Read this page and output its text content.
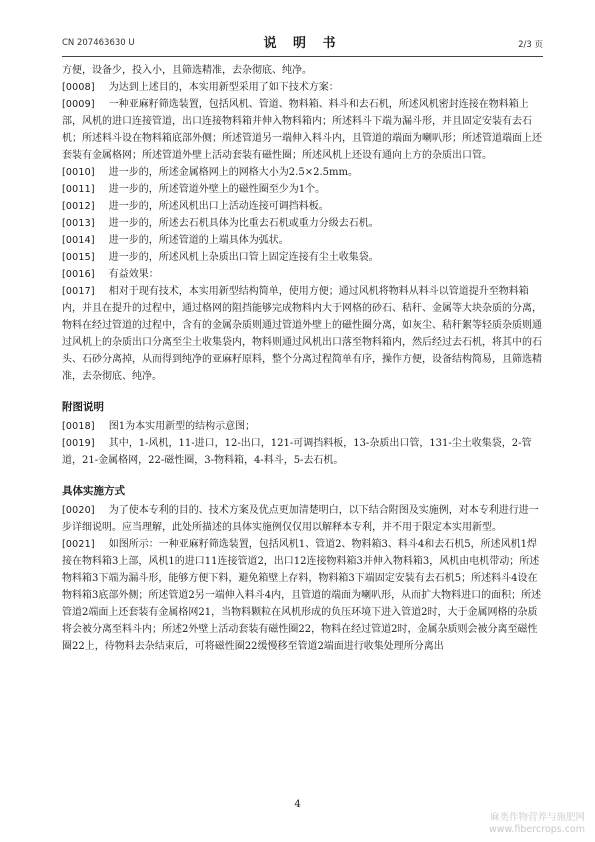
CN 207463630 U	说 明 书	2/3 页

方便，设备少，投入小，且筛选精准，去杂彻底、纯净。

[0008] 为达到上述目的，本实用新型采用了如下技术方案：

[0009] 一种亚麻籽筛选装置，包括风机、管道、物料箱、料斗和去石机，所述风机密封连接在物料箱上部，风机的进口连接管道，出口连接物料箱并伸入物料箱内；所述料斗下端为漏斗形，并且固定安装有去石机；所述料斗设在物料箱底部外侧；所述管道另一端伸入料斗内，且管道的端面为喇叭形；所述管道端面上还套装有金属格网；所述管道外壁上活动套装有磁性圈；所述风机上还设有通向上方的杂质出口管。

[0010] 进一步的，所述金属格网上的网格大小为2.5×2.5mm。

[0011] 进一步的，所述管道外壁上的磁性圈至少为1个。

[0012] 进一步的，所述风机出口上活动连接可调挡料板。

[0013] 进一步的，所述去石机具体为比重去石机或重力分级去石机。

[0014] 进一步的，所述管道的上端具体为弧状。

[0015] 进一步的，所述风机上杂质出口管上固定连接有尘土收集袋。

[0016] 有益效果：

[0017] 相对于现有技术，本实用新型结构简单，使用方便；通过风机将物料从料斗以管道提升至物料箱内，并且在提升的过程中，通过格网的阻挡能够完成物料内大于网格的砂石、秸秆、金属等大块杂质的分离，物料在经过管道的过程中，含有的金属杂质则通过管道外壁上的磁性圈分离，如灰尘、秸秆絮等轻质杂质则通过风机上的杂质出口分离至尘土收集袋内，物料则通过风机出口落至物料箱内，然后经过去石机，将其中的石头、石砂分离掉，从而得到纯净的亚麻籽原料，整个分离过程简单有序，操作方便，设备结构简易，且筛选精准，去杂彻底、纯净。

附图说明

[0018] 图1为本实用新型的结构示意图；

[0019] 其中，1-风机，11-进口，12-出口，121-可调挡料板，13-杂质出口管，131-尘土收集袋，2-管道，21-金属格网，22-磁性圈，3-物料箱，4-料斗，5-去石机。

具体实施方式

[0020] 为了使本专利的目的、技术方案及优点更加清楚明白，以下结合附图及实施例，对本专利进行进一步详细说明。应当理解，此处所描述的具体实施例仅仅用以解释本专利，并不用于限定本实用新型。

[0021] 如图所示：一种亚麻籽筛选装置，包括风机1、管道2、物料箱3、料斗4和去石机5，所述风机1焊接在物料箱3上部，风机1的进口11连接管道2，出口12连接物料箱3并伸入物料箱3，风机由电机带动；所述物料箱3下端为漏斗形，能够方便下料，避免箱壁上存料，物料箱3下端固定安装有去石机5；所述料斗4设在物料箱3底部外侧；所述管道2另一端伸入料斗4内，且管道的端面为喇叭形，从而扩大物料进口的面积；所述管道2端面上还套装有金属格网21，当物料颗粒在风机形成的负压环境下进入管道2时，大于金属网格的杂质将会被分离至料斗内；所述2外壁上活动套装有磁性圈22，物料在经过管道2时，金属杂质则会被分离至磁性圈22上，待物料去杂结束后，可将磁性圈22缓慢移至管道2端面进行收集处理所分离出

4
麻类作物营养与施肥网
www.fibercrops.com
